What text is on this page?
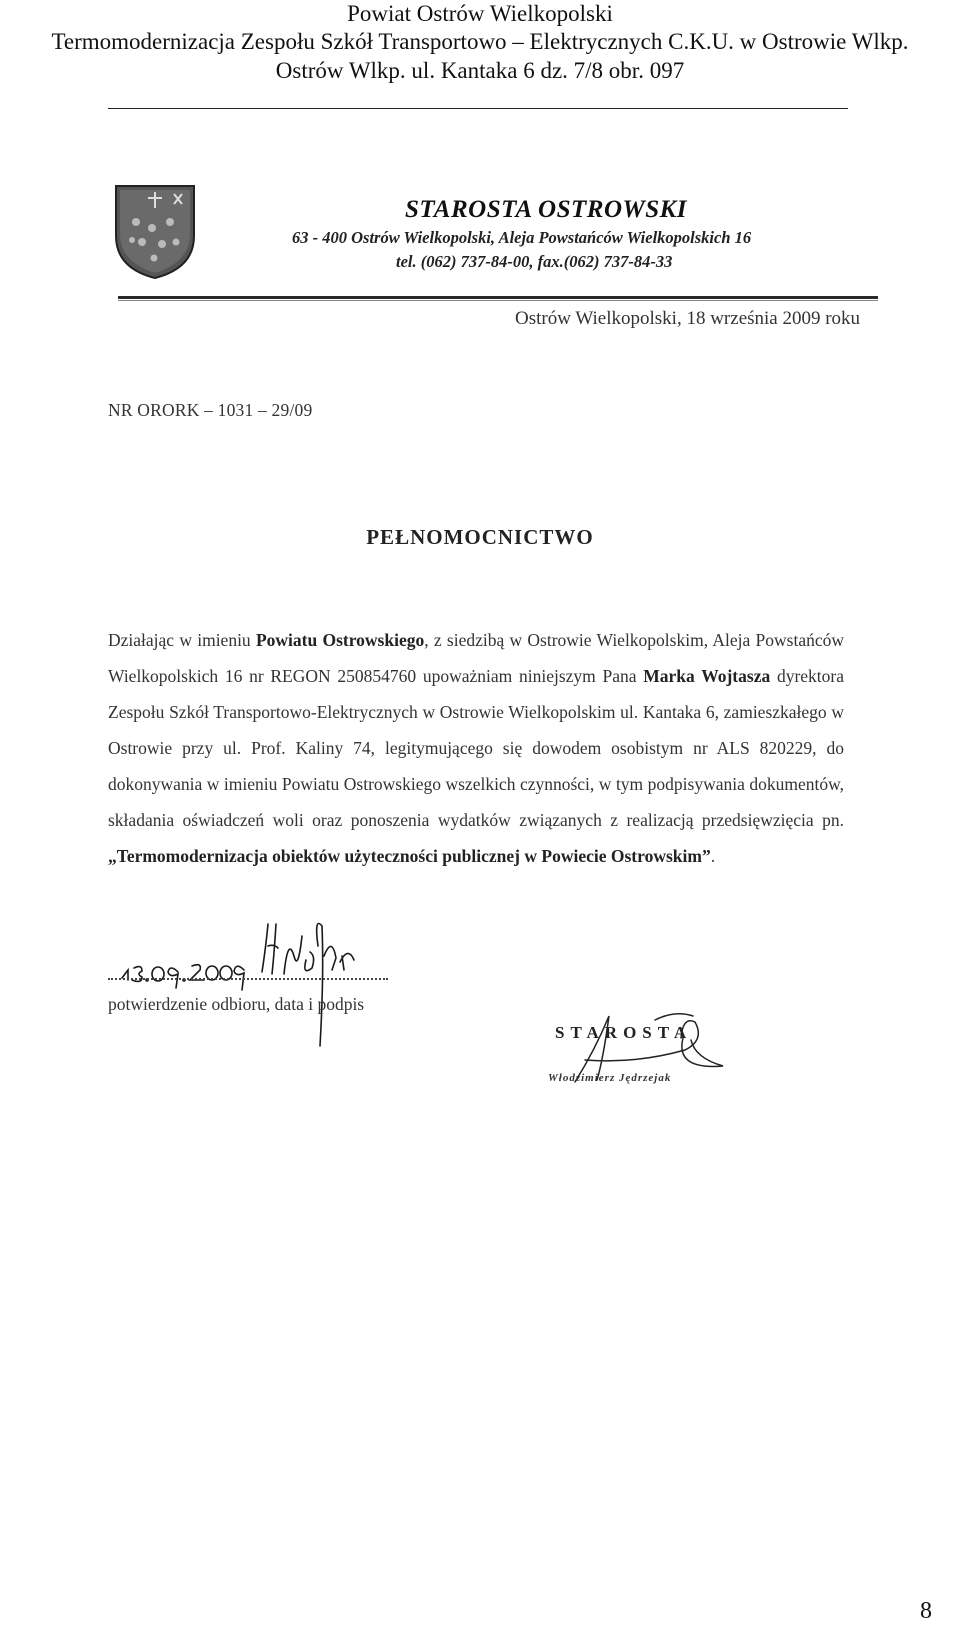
Powiat Ostrów Wielkopolski
Termomodernizacja Zespołu Szkół Transportowo – Elektrycznych C.K.U. w Ostrowie Wlkp.
Ostrów Wlkp. ul. Kantaka 6 dz. 7/8 obr. 097
STAROSTA OSTROWSKI
63 - 400 Ostrów Wielkopolski, Aleja Powstańców Wielkopolskich 16
tel. (062) 737-84-00, fax.(062) 737-84-33
Ostrów Wielkopolski, 18 września 2009 roku
NR ORORK – 1031 – 29/09
PEŁNOMOCNICTWO
Działając w imieniu Powiatu Ostrowskiego, z siedzibą w Ostrowie Wielkopolskim, Aleja Powstańców Wielkopolskich 16 nr REGON 250854760 upoważniam niniejszym Pana Marka Wojtasza dyrektora Zespołu Szkół Transportowo-Elektrycznych w Ostrowie Wielkopolskim ul. Kantaka 6, zamieszkałego w Ostrowie przy ul. Prof. Kaliny 74, legitymującego się dowodem osobistym nr ALS 820229, do dokonywania w imieniu Powiatu Ostrowskiego wszelkich czynności, w tym podpisywania dokumentów, składania oświadczeń woli oraz ponoszenia wydatków związanych z realizacją przedsięwzięcia pn. „Termomodernizacja obiektów użyteczności publicznej w Powiecie Ostrowskim”.
potwierdzenie odbioru, data i podpis
STAROSTA
Włodzimierz Jędrzejak
8
